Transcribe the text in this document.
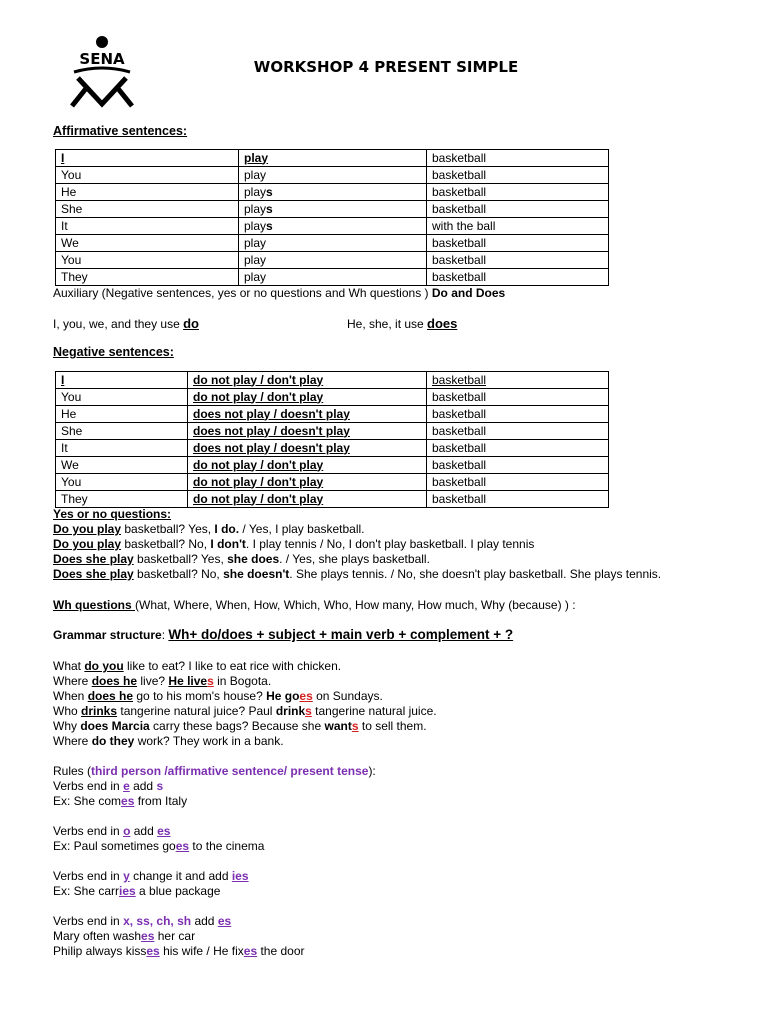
SENA	WORKSHOP 4 PRESENT SIMPLE
Affirmative sentences:
I	play	basketball
You	play	basketball
He	plays	basketball
She	plays	basketball
It	plays	with the ball
We	play	basketball
You	play	basketball
They	play	basketball
Auxiliary (Negative sentences, yes or no questions and Wh questions ) Do and Does
I, you, we, and they use do	He, she, it use does
Negative sentences:
I	do not play / don't play	basketball
You	do not play / don't play	basketball
He	does not play / doesn't play	basketball
She	does not play / doesn't play	basketball
It	does not play / doesn't play	basketball
We	do not play / don't play	basketball
You	do not play / don't play	basketball
They	do not play / don't play	basketball
Yes or no questions:
Do you play basketball? Yes, I do. / Yes, I play basketball.
Do you play basketball? No, I don't. I play tennis / No, I don't play basketball. I play tennis
Does she play basketball? Yes, she does. / Yes, she plays basketball.
Does she play basketball? No, she doesn't. She plays tennis. / No, she doesn't play basketball. She plays tennis.
Wh questions (What, Where, When, How, Which, Who, How many, How much, Why (because) ) :
Grammar structure: Wh+ do/does + subject + main verb + complement + ?
What do you like to eat? I like to eat rice with chicken.
Where does he live? He lives in Bogota.
When does he go to his mom's house? He goes on Sundays.
Who drinks tangerine natural juice? Paul drinks tangerine natural juice.
Why does Marcia carry these bags? Because she wants to sell them.
Where do they work? They work in a bank.
Rules (third person /affirmative sentence/ present tense):
Verbs end in e add s
Ex: She comes from Italy
Verbs end in o add es
Ex: Paul sometimes goes to the cinema
Verbs end in y change it and add ies
Ex: She carries a blue package
Verbs end in x, ss, ch, sh add es
Mary often washes her car
Philip always kisses his wife / He fixes the door
